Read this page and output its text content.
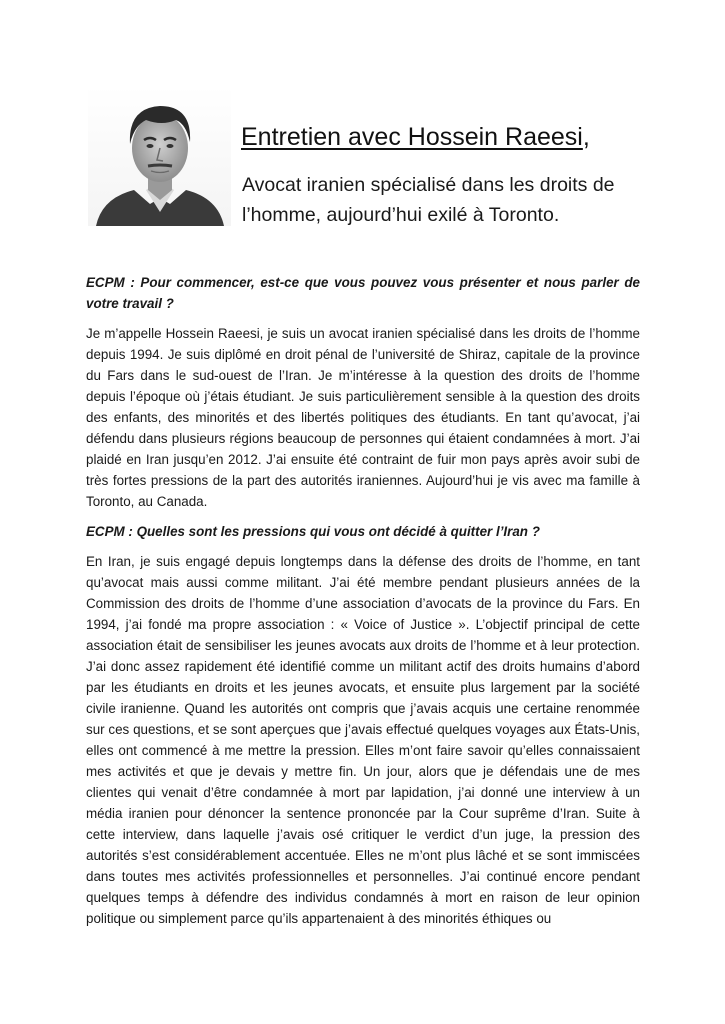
Entretien avec Hossein Raeesi,
Avocat iranien spécialisé dans les droits de l’homme, aujourd’hui exilé à Toronto.

ECPM : Pour commencer, est-ce que vous pouvez vous présenter et nous parler de votre travail ?

Je m’appelle Hossein Raeesi, je suis un avocat iranien spécialisé dans les droits de l’homme depuis 1994. Je suis diplômé en droit pénal de l’université de Shiraz, capitale de la province du Fars dans le sud-ouest de l’Iran. Je m’intéresse à la question des droits de l’homme depuis l’époque où j’étais étudiant. Je suis particulièrement sensible à la question des droits des enfants, des minorités et des libertés politiques des étudiants. En tant qu’avocat, j’ai défendu dans plusieurs régions beaucoup de personnes qui étaient condamnées à mort. J’ai plaidé en Iran jusqu’en 2012. J’ai ensuite été contraint de fuir mon pays après avoir subi de très fortes pressions de la part des autorités iraniennes. Aujourd’hui je vis avec ma famille à Toronto, au Canada.

ECPM : Quelles sont les pressions qui vous ont décidé à quitter l’Iran ?

En Iran, je suis engagé depuis longtemps dans la défense des droits de l’homme, en tant qu’avocat mais aussi comme militant. J’ai été membre pendant plusieurs années de la Commission des droits de l’homme d’une association d’avocats de la province du Fars. En 1994, j’ai fondé ma propre association : « Voice of Justice ». L’objectif principal de cette association était de sensibiliser les jeunes avocats aux droits de l’homme et à leur protection. J’ai donc assez rapidement été identifié comme un militant actif des droits humains d’abord par les étudiants en droits et les jeunes avocats, et ensuite plus largement par la société civile iranienne. Quand les autorités ont compris que j’avais acquis une certaine renommée sur ces questions, et se sont aperçues que j’avais effectué quelques voyages aux États-Unis, elles ont commencé à me mettre la pression. Elles m’ont faire savoir qu’elles connaissaient mes activités et que je devais y mettre fin. Un jour, alors que je défendais une de mes clientes qui venait d’être condamnée à mort par lapidation, j’ai donné une interview à un média iranien pour dénoncer la sentence prononcée par la Cour suprême d’Iran. Suite à cette interview, dans laquelle j’avais osé critiquer le verdict d’un juge, la pression des autorités s’est considérablement accentuée. Elles ne m’ont plus lâché et se sont immiscées dans toutes mes activités professionnelles et personnelles. J’ai continué encore pendant quelques temps à défendre des individus condamnés à mort en raison de leur opinion politique ou simplement parce qu’ils appartenaient à des minorités éthiques ou
